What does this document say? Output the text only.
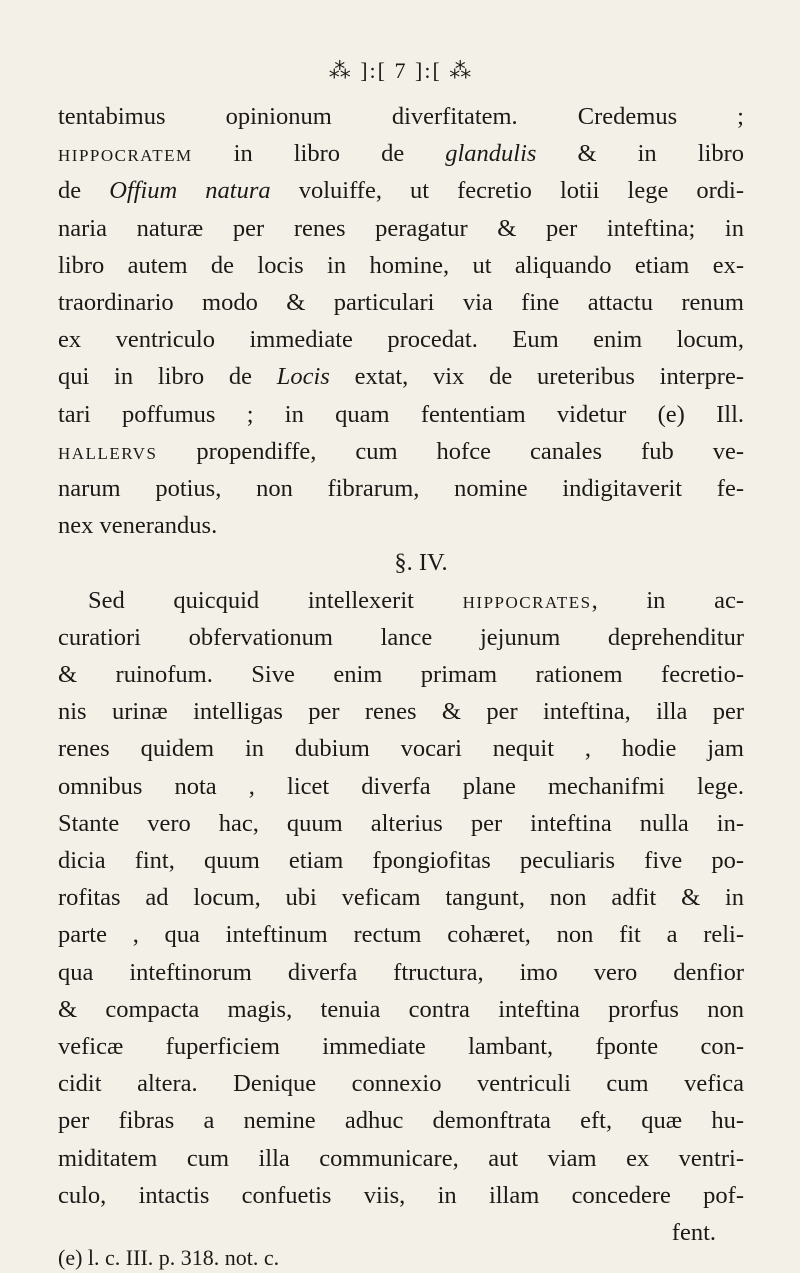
⁂ ]:[ 7 ]:[ ⁂
tentabimus opinionum diverfitatem. Credemus ;
hippocratem in libro de glandulis & in libro
de Offium natura voluiffe, ut fecretio lotii lege ordi-
naria naturæ per renes peragatur & per inteftina; in
libro autem de locis in homine, ut aliquando etiam ex-
traordinario modo & particulari via fine attactu renum
ex ventriculo immediate procedat. Eum enim locum,
qui in libro de Locis extat, vix de ureteribus interpre-
tari poffumus ; in quam fententiam videtur (e) Ill.
hallervs propendiffe, cum hofce canales fub ve-
narum potius, non fibrarum, nomine indigitaverit fe-
nex venerandus.
§. IV.
Sed quicquid intellexerit hippocrates, in ac-
curatiori obfervationum lance jejunum deprehenditur
& ruinofum. Sive enim primam rationem fecretio-
nis urinæ intelligas per renes & per inteftina, illa per
renes quidem in dubium vocari nequit , hodie jam
omnibus nota , licet diverfa plane mechanifmi lege.
Stante vero hac, quum alterius per inteftina nulla in-
dicia fint, quum etiam fpongiofitas peculiaris five po-
rofitas ad locum, ubi veficam tangunt, non adfit & in
parte , qua inteftinum rectum cohæret, non fit a reli-
qua inteftinorum diverfa ftructura, imo vero denfior
& compacta magis, tenuia contra inteftina prorfus non
veficæ fuperficiem immediate lambant, fponte con-
cidit altera. Denique connexio ventriculi cum vefica
per fibras a nemine adhuc demonftrata eft, quæ hu-
miditatem cum illa communicare, aut viam ex ventri-
culo, intactis confuetis viis, in illam concedere pof-
fent.
(e) l. c. III. p. 318. not. c.
